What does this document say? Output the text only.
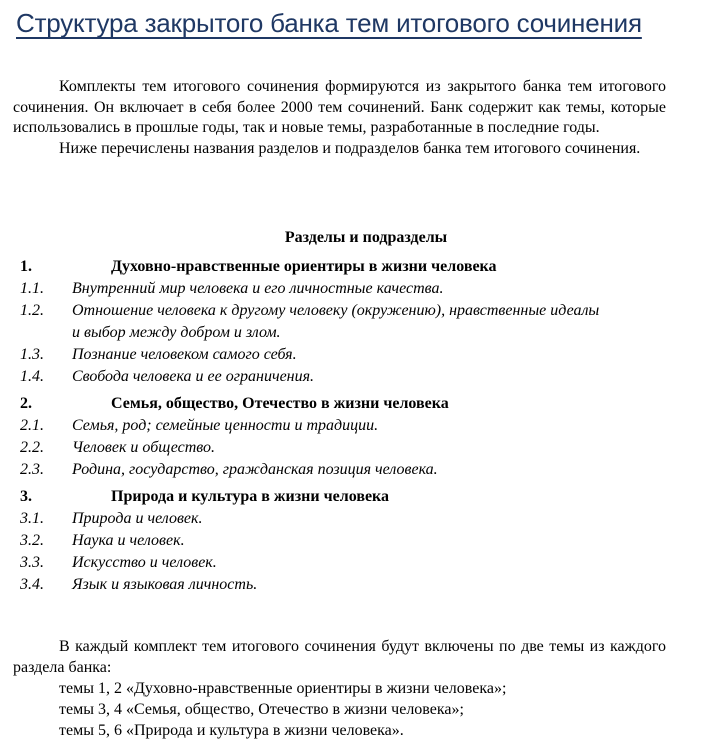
Структура закрытого банка тем итогового сочинения

Комплекты тем итогового сочинения формируются из закрытого банка тем итогового сочинения. Он включает в себя более 2000 тем сочинений. Банк содержит как темы, которые использовались в прошлые годы, так и новые темы, разработанные в последние годы.

Ниже перечислены названия разделов и подразделов банка тем итогового сочинения.

Разделы и подразделы
1.	Духовно-нравственные ориентиры в жизни человека
1.1.	Внутренний мир человека и его личностные качества.
1.2.	Отношение человека к другому человеку (окружению), нравственные идеалы и выбор между добром и злом.
1.3.	Познание человеком самого себя.
1.4.	Свобода человека и ее ограничения.
2.	Семья, общество, Отечество в жизни человека
2.1.	Семья, род; семейные ценности и традиции.
2.2.	Человек и общество.
2.3.	Родина, государство, гражданская позиция человека.
3.	Природа и культура в жизни человека
3.1.	Природа и человек.
3.2.	Наука и человек.
3.3.	Искусство и человек.
3.4.	Язык и языковая личность.

В каждый комплект тем итогового сочинения будут включены по две темы из каждого раздела банка:

темы 1, 2 «Духовно-нравственные ориентиры в жизни человека»;
темы 3, 4 «Семья, общество, Отечество в жизни человека»;
темы 5, 6 «Природа и культура в жизни человека».
